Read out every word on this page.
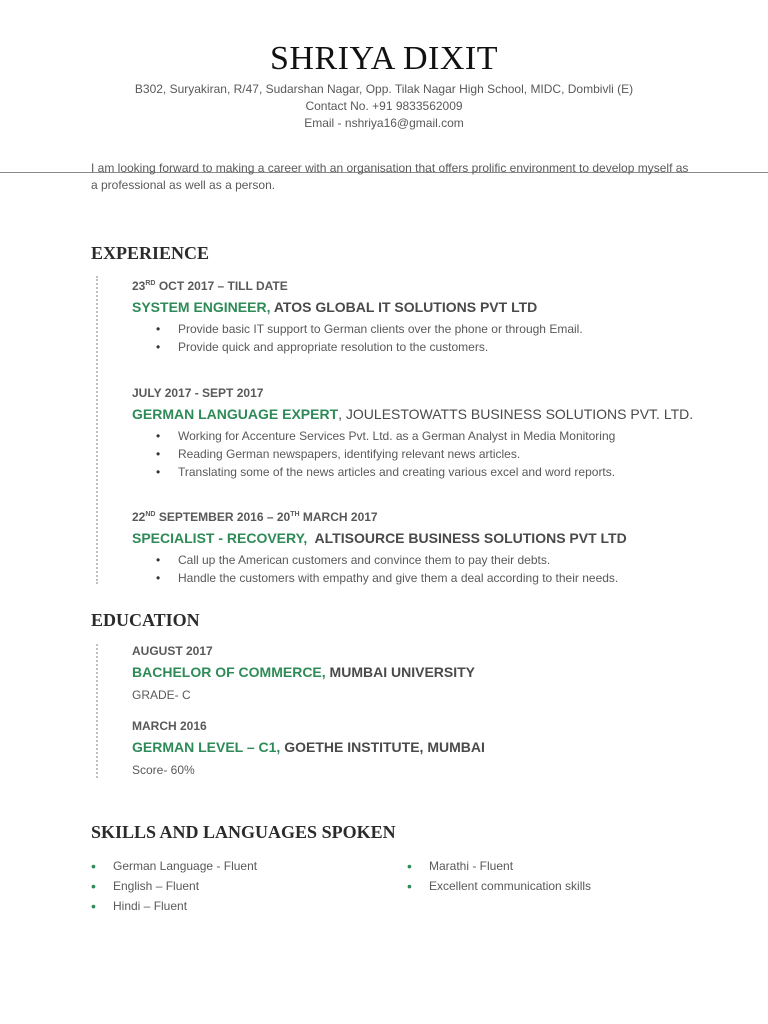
SHRIYA DIXIT
B302, Suryakiran, R/47, Sudarshan Nagar, Opp. Tilak Nagar High School, MIDC, Dombivli (E)
Contact No. +91 9833562009
Email - nshriya16@gmail.com
I am looking forward to making a career with an organisation that offers prolific environment to develop myself as a professional as well as a person.
EXPERIENCE
23RD OCT 2017 – TILL DATE
SYSTEM ENGINEER, ATOS GLOBAL IT SOLUTIONS PVT LTD
• Provide basic IT support to German clients over the phone or through Email.
• Provide quick and appropriate resolution to the customers.
JULY 2017 - SEPT 2017
GERMAN LANGUAGE EXPERT, JOULESTOWATTS BUSINESS SOLUTIONS PVT. LTD.
• Working for Accenture Services Pvt. Ltd. as a German Analyst in Media Monitoring
• Reading German newspapers, identifying relevant news articles.
• Translating some of the news articles and creating various excel and word reports.
22ND SEPTEMBER 2016 – 20TH MARCH 2017
SPECIALIST - RECOVERY,  ALTISOURCE BUSINESS SOLUTIONS PVT LTD
• Call up the American customers and convince them to pay their debts.
• Handle the customers with empathy and give them a deal according to their needs.
EDUCATION
AUGUST 2017
BACHELOR OF COMMERCE, MUMBAI UNIVERSITY
GRADE- C
MARCH 2016
GERMAN LEVEL – C1, GOETHE INSTITUTE, MUMBAI
Score- 60%
SKILLS AND LANGUAGES SPOKEN
• German Language - Fluent
• English – Fluent
• Hindi – Fluent
• Marathi - Fluent
• Excellent communication skills
